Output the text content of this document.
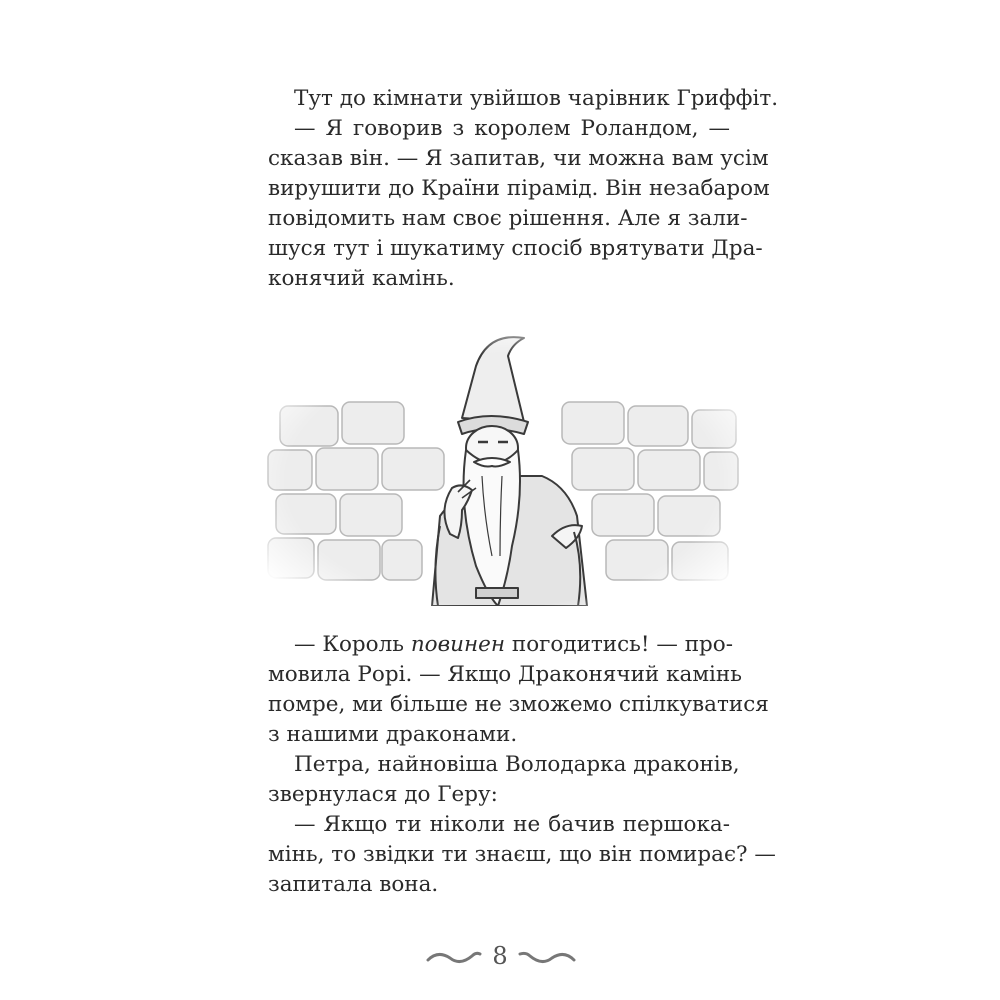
Тут до кімнати увійшов чарівник Гриффіт.
— Я говорив з королем Роландом, —
сказав він. — Я запитав, чи можна вам усім
вирушити до Країни пірамід. Він незабаром
повідомить нам своє рішення. Але я зали-
шуся тут і шукатиму спосіб врятувати Дра-
конячий камінь.
— Король повинен погодитись! — про-
мовила Рорі. — Якщо Драконячий камінь
помре, ми більше не зможемо спілкуватися
з нашими драконами.
Петра, найновіша Володарка драконів,
звернулася до Геру:
— Якщо ти ніколи не бачив першока-
мінь, то звідки ти знаєш, що він помирає? —
запитала вона.
8
